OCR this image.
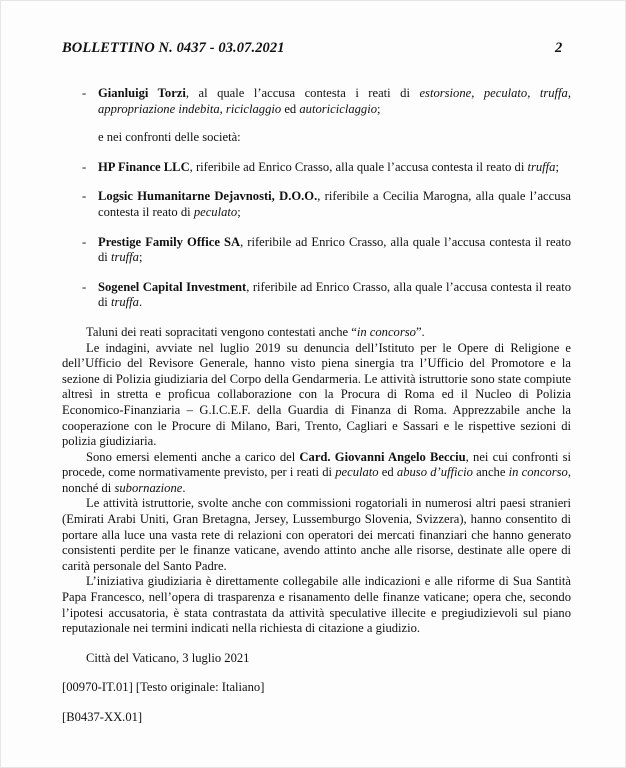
BOLLETTINO N. 0437 - 03.07.2021	2

- Gianluigi Torzi, al quale l’accusa contesta i reati di estorsione, peculato, truffa, appropriazione indebita, riciclaggio ed autoriciclaggio;

e nei confronti delle società:

- HP Finance LLC, riferibile ad Enrico Crasso, alla quale l’accusa contesta il reato di truffa;

- Logsic Humanitarne Dejavnosti, D.O.O., riferibile a Cecilia Marogna, alla quale l’accusa contesta il reato di peculato;

- Prestige Family Office SA, riferibile ad Enrico Crasso, alla quale l’accusa contesta il reato di truffa;

- Sogenel Capital Investment, riferibile ad Enrico Crasso, alla quale l’accusa contesta il reato di truffa.

Taluni dei reati sopracitati vengono contestati anche “in concorso”.

Le indagini, avviate nel luglio 2019 su denuncia dell’Istituto per le Opere di Religione e dell’Ufficio del Revisore Generale, hanno visto piena sinergia tra l’Ufficio del Promotore e la sezione di Polizia giudiziaria del Corpo della Gendarmeria. Le attività istruttorie sono state compiute altresì in stretta e proficua collaborazione con la Procura di Roma ed il Nucleo di Polizia Economico-Finanziaria – G.I.C.E.F. della Guardia di Finanza di Roma. Apprezzabile anche la cooperazione con le Procure di Milano, Bari, Trento, Cagliari e Sassari e le rispettive sezioni di polizia giudiziaria.

Sono emersi elementi anche a carico del Card. Giovanni Angelo Becciu, nei cui confronti si procede, come normativamente previsto, per i reati di peculato ed abuso d’ufficio anche in concorso, nonché di subornazione.

Le attività istruttorie, svolte anche con commissioni rogatoriali in numerosi altri paesi stranieri (Emirati Arabi Uniti, Gran Bretagna, Jersey, Lussemburgo Slovenia, Svizzera), hanno consentito di portare alla luce una vasta rete di relazioni con operatori dei mercati finanziari che hanno generato consistenti perdite per le finanze vaticane, avendo attinto anche alle risorse, destinate alle opere di carità personale del Santo Padre.

L’iniziativa giudiziaria è direttamente collegabile alle indicazioni e alle riforme di Sua Santità Papa Francesco, nell’opera di trasparenza e risanamento delle finanze vaticane; opera che, secondo l’ipotesi accusatoria, è stata contrastata da attività speculative illecite e pregiudizievoli sul piano reputazionale nei termini indicati nella richiesta di citazione a giudizio.

Città del Vaticano, 3 luglio 2021

[00970-IT.01] [Testo originale: Italiano]

[B0437-XX.01]
